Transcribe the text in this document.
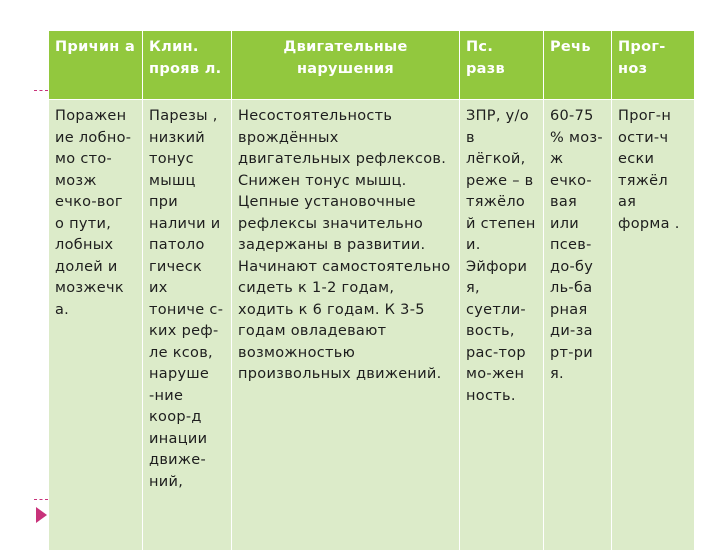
Причин а	Клин. прояв л.	Двигательные нарушения	Пс. разв	Речь	Прог- ноз
Поражен ие лобно-мо сто-мозж ечко-вог о пути, лобных долей и мозжечк а.	Парезы , низкий тонус мышц при наличи и патоло гическ их тониче с-ких реф-ле ксов, наруше -ние коор-д инации движе- ний,	Несостоятельность врождённых двигательных рефлексов. Снижен тонус мышц. Цепные установочные рефлексы значительно задержаны в развитии. Начинают самостоятельно сидеть к 1-2 годам, ходить к 6 годам. К 3-5 годам овладевают возможностью произвольных движений.	ЗПР, у/о в лёгкой, реже – в тяжёло й степен и. Эйфори я, суетли- вость, рас-тор мо-жен ность.	60-75 % моз-ж ечко- вая или псев- до-бу ль-ба рная ди-за рт-ри я.	Прог-н ости-ч ески тяжёл ая форма .
